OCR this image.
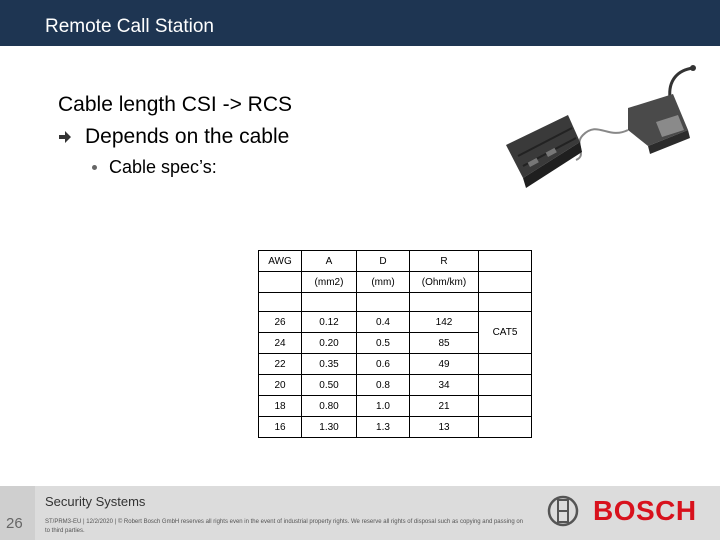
Remote Call Station
Cable length CSI -> RCS
Depends on the cable
Cable spec’s:
AWG	A	D	R	
	(mm2)	(mm)	(Ohm/km)	

26	0.12	0.4	142	CAT5
24	0.20	0.5	85	
22	0.35	0.6	49	
20	0.50	0.8	34	
18	0.80	1.0	21	
16	1.30	1.3	13	
26
Security Systems
ST/PRM3-EU | 12/2/2020 | © Robert Bosch GmbH reserves all rights even in the event of industrial property rights. We reserve all rights of disposal such as copying and passing on to third parties.
BOSCH
